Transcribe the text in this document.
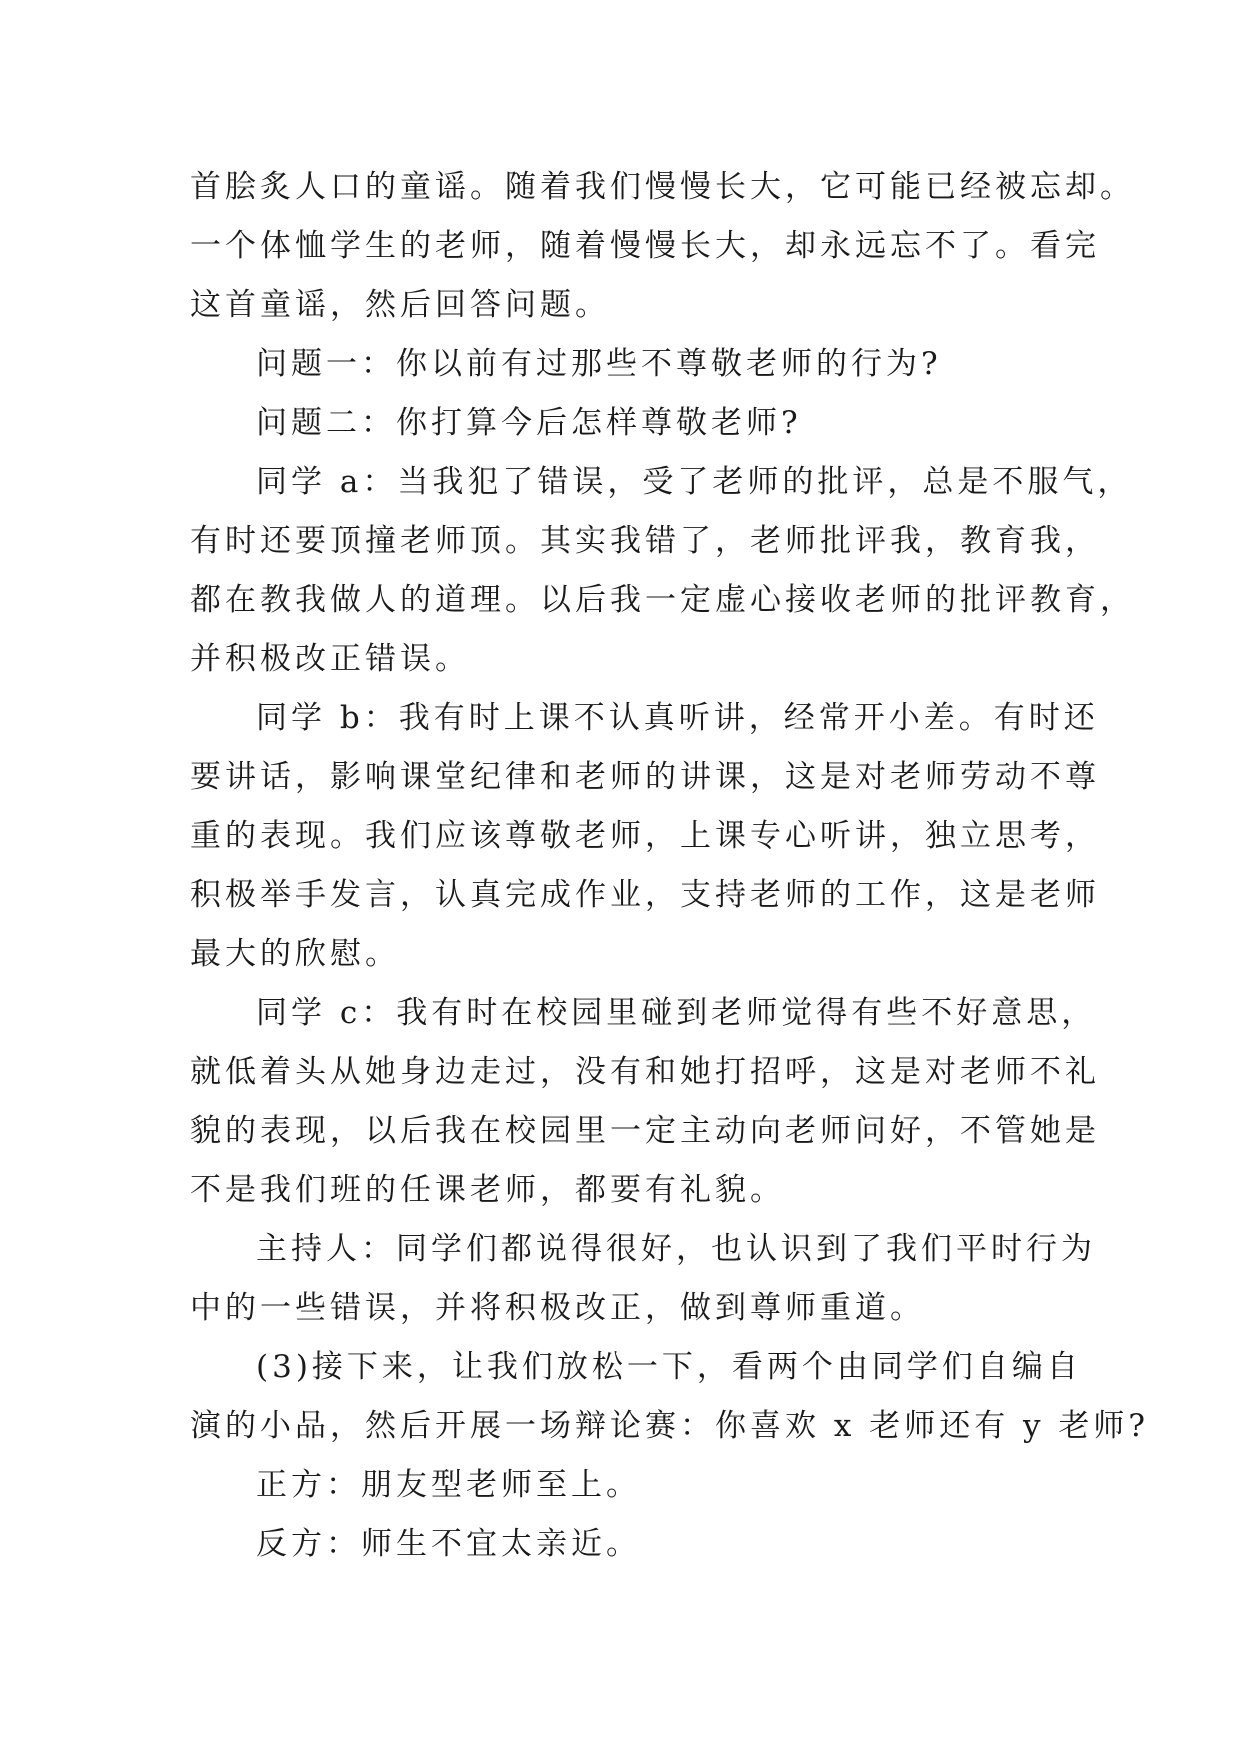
首脍炙人口的童谣。随着我们慢慢长大，它可能已经被忘却。
一个体恤学生的老师，随着慢慢长大，却永远忘不了。看完
这首童谣，然后回答问题。
问题一：你以前有过那些不尊敬老师的行为?
问题二：你打算今后怎样尊敬老师?
同学 a：当我犯了错误，受了老师的批评，总是不服气，
有时还要顶撞老师顶。其实我错了，老师批评我，教育我，
都在教我做人的道理。以后我一定虚心接收老师的批评教育，
并积极改正错误。
同学 b：我有时上课不认真听讲，经常开小差。有时还
要讲话，影响课堂纪律和老师的讲课，这是对老师劳动不尊
重的表现。我们应该尊敬老师，上课专心听讲，独立思考，
积极举手发言，认真完成作业，支持老师的工作，这是老师
最大的欣慰。
同学 c：我有时在校园里碰到老师觉得有些不好意思，
就低着头从她身边走过，没有和她打招呼，这是对老师不礼
貌的表现，以后我在校园里一定主动向老师问好，不管她是
不是我们班的任课老师，都要有礼貌。
主持人：同学们都说得很好，也认识到了我们平时行为
中的一些错误，并将积极改正，做到尊师重道。
(3)接下来，让我们放松一下，看两个由同学们自编自
演的小品，然后开展一场辩论赛：你喜欢 x 老师还有 y 老师?
正方：朋友型老师至上。
反方：师生不宜太亲近。
